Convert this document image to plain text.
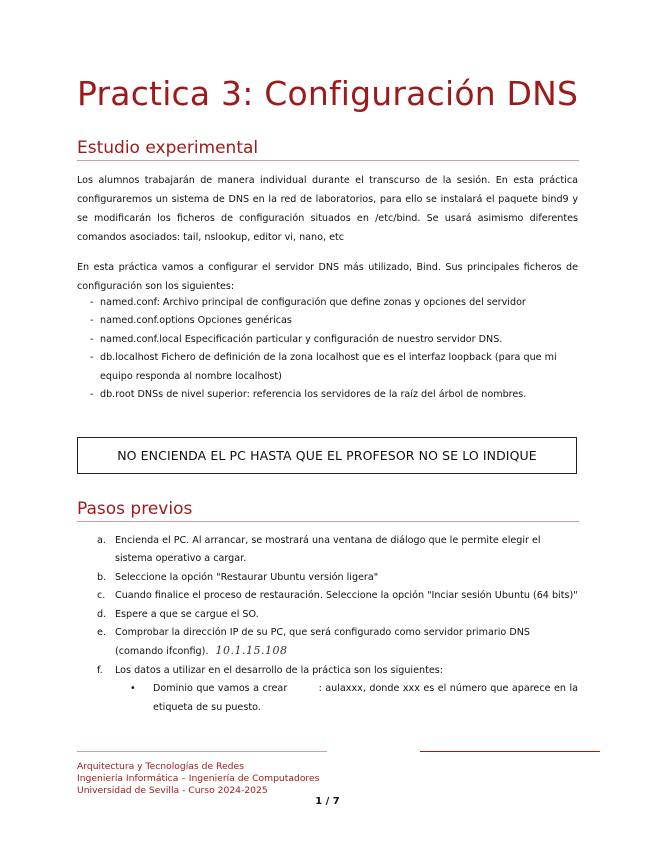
Practica 3: Configuración DNS
Estudio experimental

Los alumnos trabajarán de manera individual durante el transcurso de la sesión. En esta práctica configuraremos un sistema de DNS en la red de laboratorios, para ello se instalará el paquete bind9 y se modificarán los ficheros de configuración situados en /etc/bind. Se usará asimismo diferentes comandos asociados: tail, nslookup, editor vi, nano, etc

En esta práctica vamos a configurar el servidor DNS más utilizado, Bind. Sus principales ficheros de configuración son los siguientes:

- named.conf: Archivo principal de configuración que define zonas y opciones del servidor
- named.conf.options Opciones genéricas
- named.conf.local Especificación particular y configuración de nuestro servidor DNS.
- db.localhost Fichero de definición de la zona localhost que es el interfaz loopback (para que mi equipo responda al nombre localhost)
- db.root DNSs de nivel superior: referencia los servidores de la raíz del árbol de nombres.
NO ENCIENDA EL PC HASTA QUE EL PROFESOR NO SE LO INDIQUE
Pasos previos
a. Encienda el PC. Al arrancar, se mostrará una ventana de diálogo que le permite elegir el sistema operativo a cargar.
b. Seleccione la opción "Restaurar Ubuntu versión ligera"
c. Cuando finalice el proceso de restauración. Seleccione la opción "Inciar sesión Ubuntu (64 bits)"
d. Espere a que se cargue el SO.
e. Comprobar la dirección IP de su PC, que será configurado como servidor primario DNS (comando ifconfig). 10.1.15.108
f. Los datos a utilizar en el desarrollo de la práctica son los siguientes:
• Dominio que vamos a crear         : aulaxxx, donde xxx es el número que aparece en la etiqueta de su puesto.
Arquitectura y Tecnologías de Redes
Ingeniería Informática – Ingeniería de Computadores
Universidad de Sevilla - Curso 2024-2025
1 / 7
